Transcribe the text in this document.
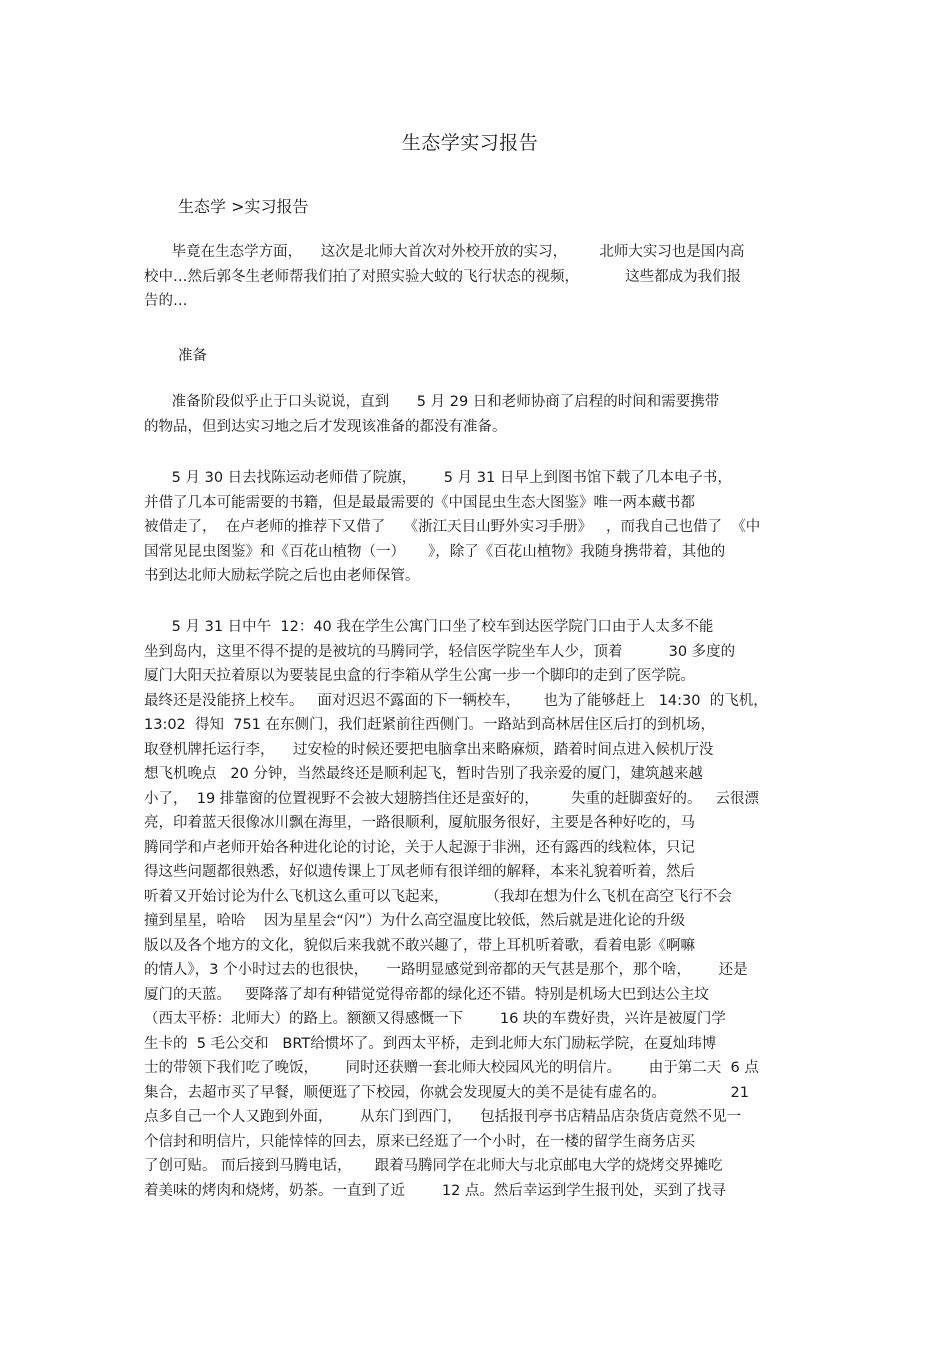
生态学实习报告
生态学 >实习报告
毕竟在生态学方面，    这次是北师大首次对外校开放的实习，       北师大实习也是国内高
校中…然后郭冬生老师帮我们拍了对照实验大蚊的飞行状态的视频，          这些都成为我们报
告的…
准备
准备阶段似乎止于口头说说，直到      5 月 29 日和老师协商了启程的时间和需要携带
的物品，但到达实习地之后才发现该准备的都没有准备。
5 月 30 日去找陈运动老师借了院旗，      5 月 31 日早上到图书馆下载了几本电子书，
并借了几本可能需要的书籍，但是最最需要的《中国昆虫生态大图鉴》唯一两本藏书都
被借走了，  在卢老师的推荐下又借了    《浙江天目山野外实习手册》   ，而我自己也借了  《中
国常见昆虫图鉴》和《百花山植物（一）     》，除了《百花山植物》我随身携带着，其他的
书到达北师大励耘学院之后也由老师保管。
5 月 31 日中午  12：40 我在学生公寓门口坐了校车到达医学院门口由于人太多不能
坐到岛内，这里不得不提的是被坑的马腾同学，轻信医学院坐车人少，顶着          30 多度的
厦门大阳天拉着原以为要装昆虫盒的行李箱从学生公寓一步一个脚印的走到了医学院。
最终还是没能挤上校车。   面对迟迟不露面的下一辆校车，     也为了能够赶上   14:30  的飞机，
13:02  得知  751 在东侧门，我们赶紧前往西侧门。一路站到高林居住区后打的到机场，
取登机牌托运行李，    过安检的时候还要把电脑拿出来略麻烦，踏着时间点进入候机厅没
想飞机晚点   20 分钟，当然最终还是顺利起飞，暂时告别了我亲爱的厦门，建筑越来越
小了，  19 排靠窗的位置视野不会被大翅膀挡住还是蛮好的，       失重的赶脚蛮好的。   云很漂
亮，印着蓝天很像冰川飘在海里，一路很顺利，厦航服务很好，主要是各种好吃的，马
腾同学和卢老师开始各种进化论的讨论，关于人起源于非洲，还有露西的线粒体，只记
得这些问题都很熟悉，好似遗传课上丁凤老师有很详细的解释，本来礼貌着听着，然后
听着又开始讨论为什么飞机这么重可以飞起来，        （我却在想为什么飞机在高空飞行不会
撞到星星，哈哈    因为星星会“闪”）为什么高空温度比较低，然后就是进化论的升级
版以及各个地方的文化，貌似后来我就不敢兴趣了，带上耳机听着歌，看着电影《啊嘛
的情人》，3 个小时过去的也很快，    一路明显感觉到帝都的天气甚是那个，那个啥，      还是
厦门的天蓝。   要降落了却有种错觉觉得帝都的绿化还不错。特别是机场大巴到达公主坟
（西太平桥：北师大）的路上。额额又得感慨一下        16 块的车费好贵，兴许是被厦门学
生卡的  5 毛公交和   BRT给惯坏了。到西太平桥，走到北师大东门励耘学院，在夏灿玮博
士的带领下我们吃了晚饭，      同时还获赠一套北师大校园风光的明信片。      由于第二天  6 点
集合，去超市买了早餐，顺便逛了下校园，你就会发现厦大的美不是徒有虚名的。              21
点多自己一个人又跑到外面，      从东门到西门，    包括报刊亭书店精品店杂货店竟然不见一
个信封和明信片，只能悻悻的回去，原来已经逛了一个小时，在一楼的留学生商务店买
了创可贴。 而后接到马腾电话，     跟着马腾同学在北师大与北京邮电大学的烧烤交界摊吃
着美味的烤肉和烧烤，奶茶。一直到了近        12 点。然后幸运到学生报刊处，买到了找寻
